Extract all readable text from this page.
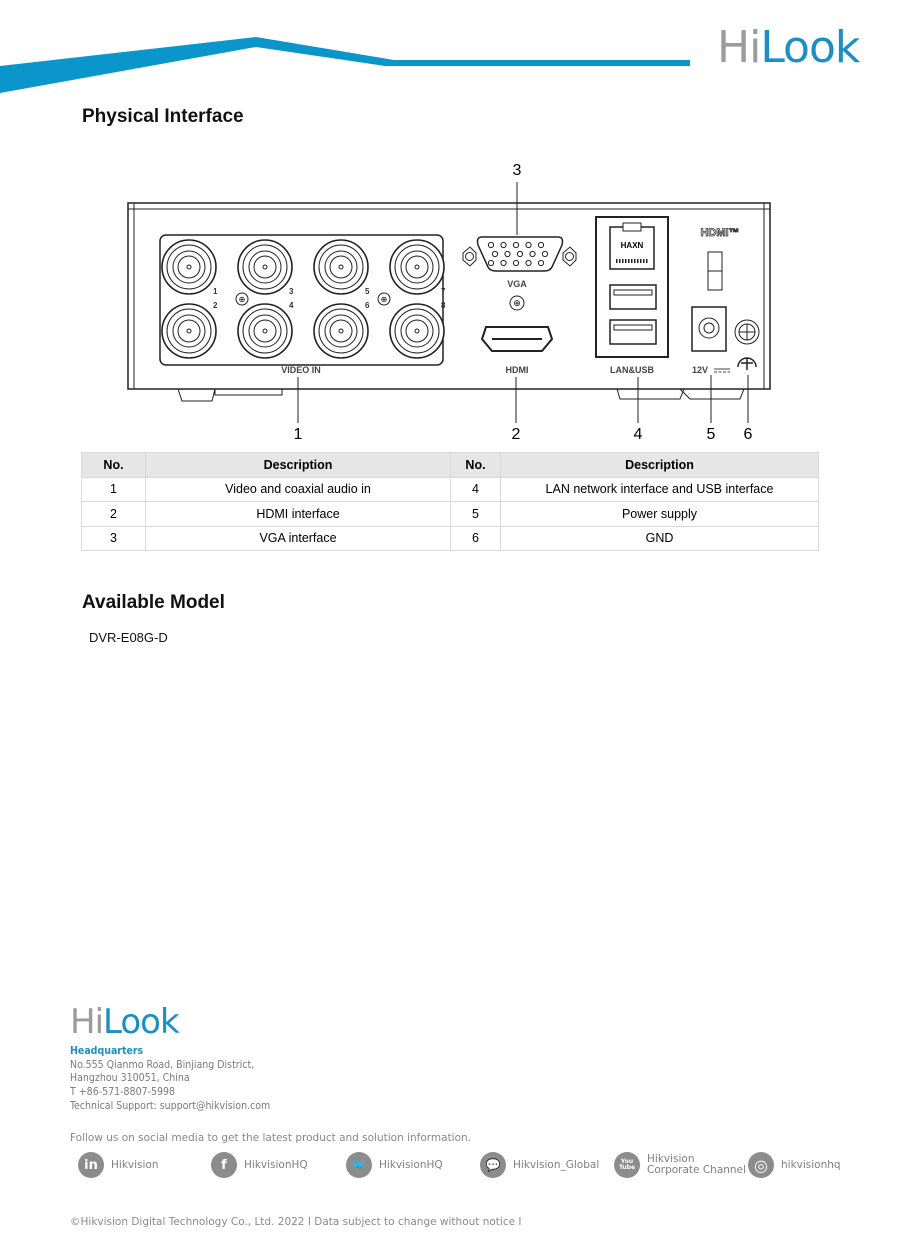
HiLook
Physical Interface
1
2
3
4
5
6
7
8
⊕	⊕
VIDEO IN
VGA
⊕
HDMI
HAXN
LAN&USB
HDMI™
12V
1	2
3
4	5 6
No.	Description	No.	Description
1	Video and coaxial audio in	4	LAN network interface and USB interface
2	HDMI interface	5	Power supply
3	VGA interface	6	GND
Available Model
DVR-E08G-D
HiLook
Headquarters
No.555 Qianmo Road, Binjiang District,
Hangzhou 310051, China
T +86-571-8807-5998
Technical Support: support@hikvision.com
Follow us on social media to get the latest product and solution information.
in	Hikvision	f	HikvisionHQ	🐦	HikvisionHQ	💬	Hikvision_Global	You Tube
Hikvision
Corporate Channel ◎	hikvisionhq
©Hikvision Digital Technology Co., Ltd. 2022 I Data subject to change without notice I
